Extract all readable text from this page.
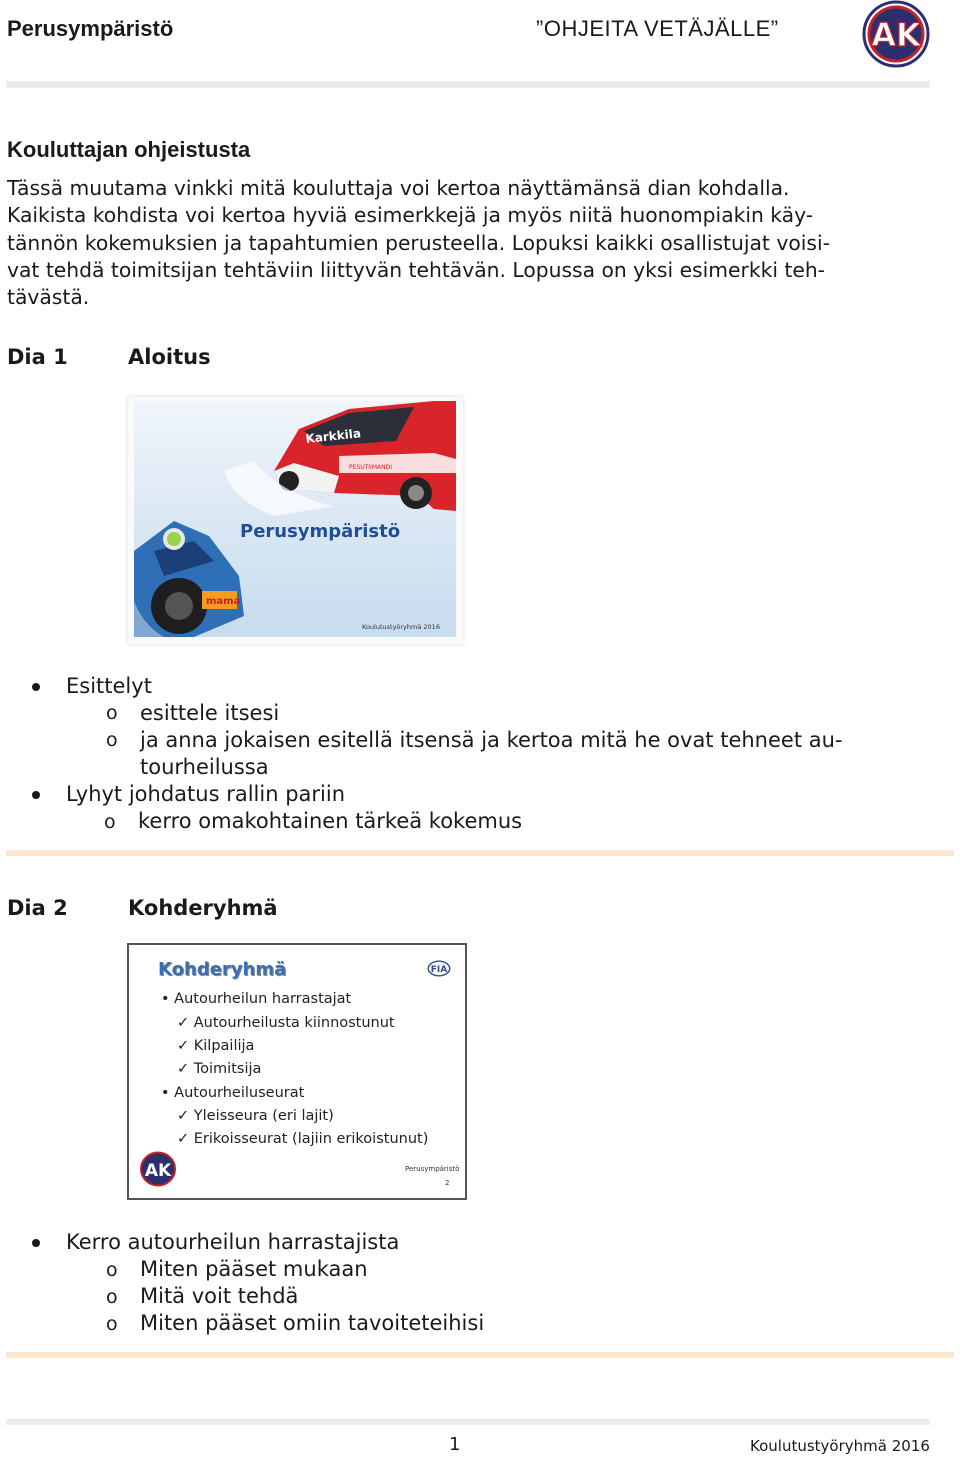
Perusympäristö	”OHJEITA VETÄJÄLLE”	AK
Kouluttajan ohjeistusta

Tässä muutama vinkki mitä kouluttaja voi kertoa näyttämänsä dian kohdalla.

Kaikista kohdista voi kertoa hyviä esimerkkejä ja myös niitä huonompiakin käy-

tännön kokemuksien ja tapahtumien perusteella. Lopuksi kaikki osallistujat voisi-

vat tehdä toimitsijan tehtäviin liittyvän tehtävän. Lopussa on yksi esimerkki teh-

tävästä.

Dia 1	Aloitus
Karkkila
PESUTIIMANDI
mama
Perusympäristö
Koulutustyöryhmä 2016
Esittelyt
o esittele itsesi
o ja anna jokaisen esitellä itsensä ja kertoa mitä he ovat tehneet au-
tourheilussa
Lyhyt johdatus rallin pariin
o kerro omakohtainen tärkeä kokemus
Dia 2	Kohderyhmä
Kohderyhmä	FIA
• Autourheilun harrastajat
✓ Autourheilusta kiinnostunut
✓ Kilpailija
✓ Toimitsija
• Autourheiluseurat
✓ Yleisseura (eri lajit)
✓ Erikoisseurat (lajiin erikoistunut)
AK	Perusympäristö
2
Kerro autourheilun harrastajista
o Miten pääset mukaan
o Mitä voit tehdä
o Miten pääset omiin tavoiteteihisi
1	Koulutustyöryhmä 2016
